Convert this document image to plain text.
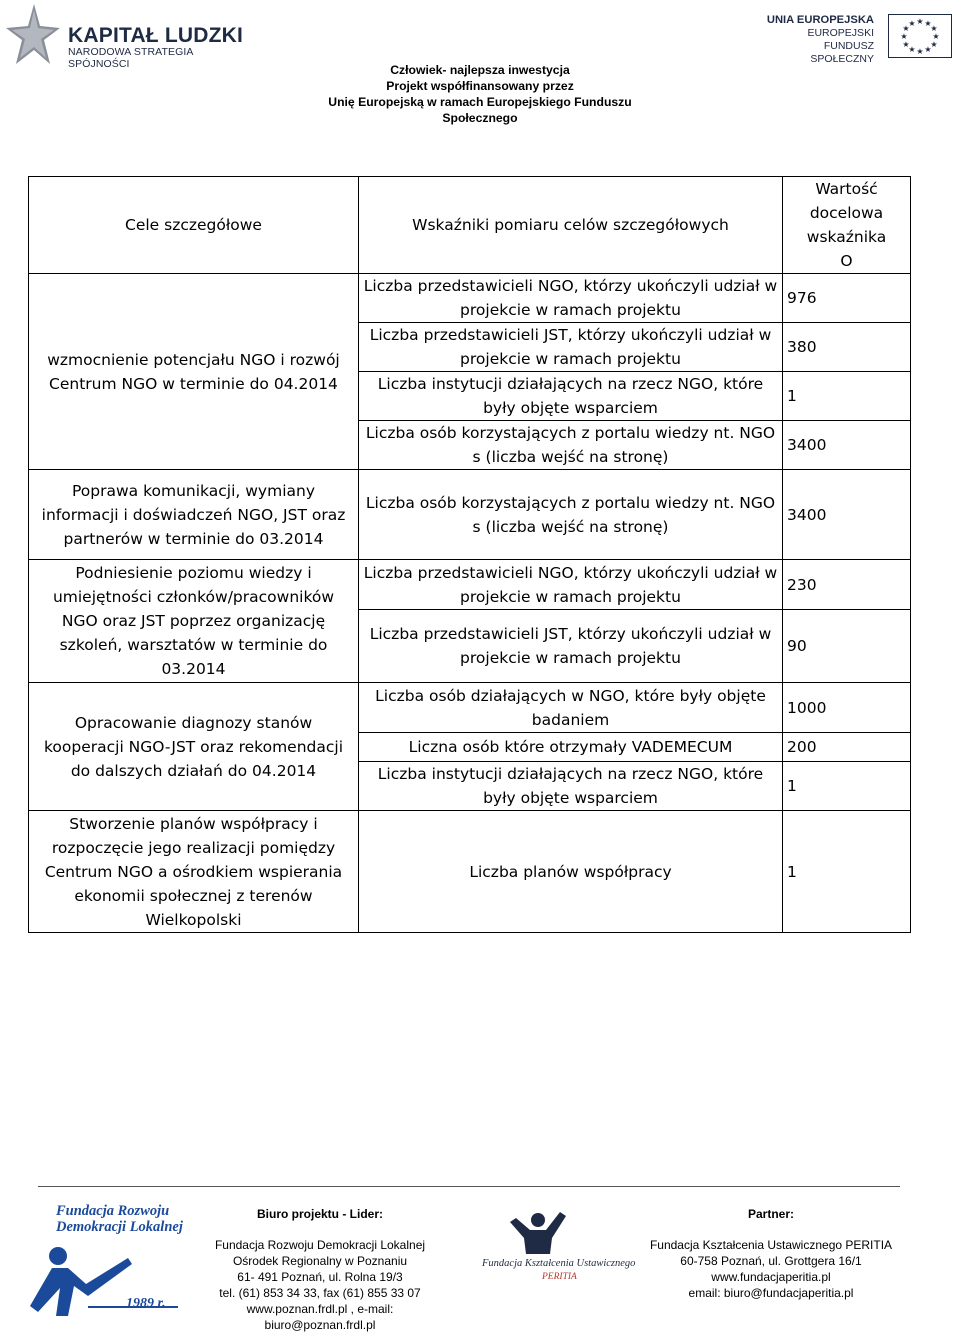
KAPITAŁ LUDZKI
NARODOWA STRATEGIA SPÓJNOŚCI	Człowiek- najlepsza inwestycja
Projekt współfinansowany przez
Unię Europejską w ramach Europejskiego Funduszu Społecznego
UNIA EUROPEJSKA
EUROPEJSKI
FUNDUSZ SPOŁECZNY
★ ★
★
★
★
★
★
★
★
★
★
★
Cele szczegółowe	Wskaźniki pomiaru celów szczegółowych	Wartość
docelowa
wskaźnika
O

wzmocnienie potencjału NGO i rozwój Centrum NGO w terminie do 04.2014	Liczba przedstawicieli NGO, którzy ukończyli udział w projekcie w ramach projektu	976
	Liczba przedstawicieli JST, którzy ukończyli udział w projekcie w ramach projektu	380
	Liczba instytucji działających na rzecz NGO, które były objęte wsparciem	1
	Liczba osób korzystających z portalu wiedzy nt. NGO s (liczba wejść na stronę)	3400
Poprawa komunikacji, wymiany informacji i doświadczeń NGO, JST oraz partnerów w terminie do 03.2014	Liczba osób korzystających z portalu wiedzy nt. NGO s (liczba wejść na stronę)	3400
Podniesienie poziomu wiedzy i umiejętności członków/pracowników NGO oraz JST poprzez organizację szkoleń, warsztatów w terminie do 03.2014	Liczba przedstawicieli NGO, którzy ukończyli udział w projekcie w ramach projektu	230
	Liczba przedstawicieli JST, którzy ukończyli udział w projekcie w ramach projektu	90
Opracowanie diagnozy stanów kooperacji NGO-JST oraz rekomendacji do dalszych działań do 04.2014	Liczba osób działających w NGO, które były objęte badaniem	1000
	Liczna osób które otrzymały VADEMECUM	200
	Liczba instytucji działających na rzecz NGO, które były objęte wsparciem	1
Stworzenie planów współpracy i rozpoczęcie jego realizacji pomiędzy Centrum NGO a ośrodkiem wspierania ekonomii społecznej z terenów Wielkopolski	Liczba planów współpracy	1
Fundacja Rozwoju
Demokracji Lokalnej
1989 r.
Biuro projektu - Lider:
Fundacja Rozwoju Demokracji Lokalnej
Ośrodek Regionalny w Poznaniu
61- 491 Poznań, ul. Rolna 19/3
tel. (61) 853 34 33, fax (61) 855 33 07
www.poznan.frdl.pl , e-mail: biuro@poznan.frdl.pl
Fundacja Kształcenia Ustawicznego
PERITIA
Partner:
Fundacja Kształcenia Ustawicznego PERITIA
60-758 Poznań, ul. Grottgera 16/1
www.fundacjaperitia.pl
email: biuro@fundacjaperitia.pl
